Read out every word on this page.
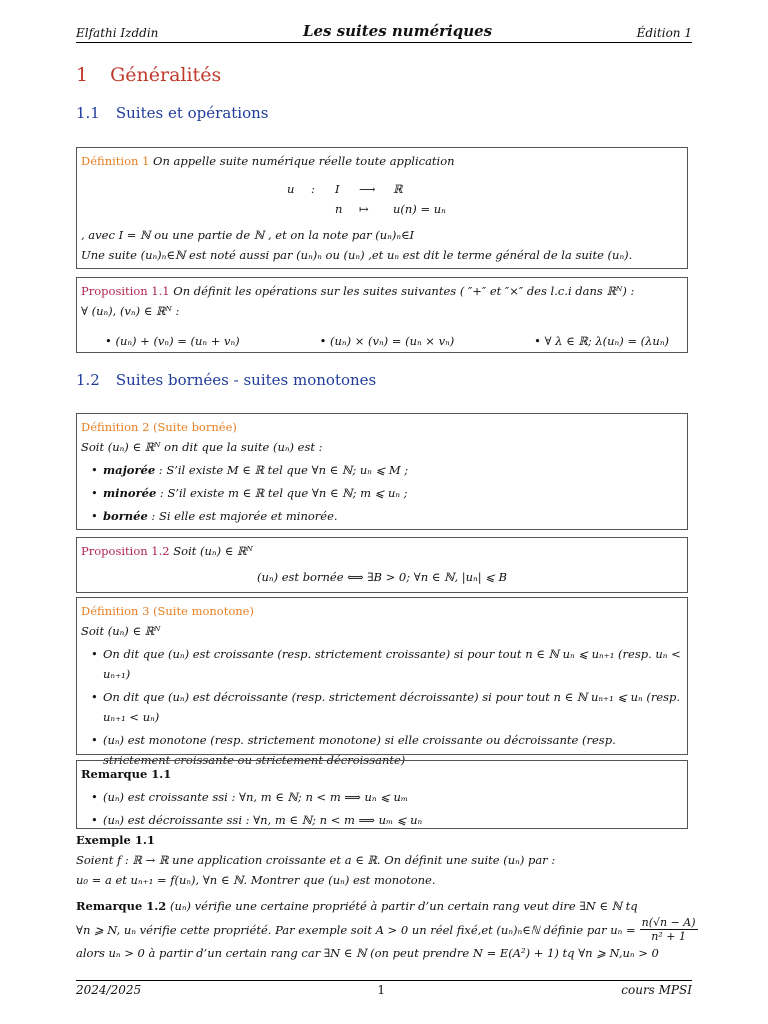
Elfathi Izddin	Les suites numériques	Édition 1
1 Généralités
1.1 Suites et opérations
Définition 1 On appelle suite numérique réelle toute application
u	:	I	⟶	ℝ
n	↦	u(n) = uₙ
, avec I = ℕ ou une partie de ℕ , et on la note par (uₙ)ₙ∈I
Une suite (uₙ)ₙ∈ℕ est noté aussi par (uₙ)ₙ ou (uₙ) ,et uₙ est dit le terme général de la suite (uₙ).
Proposition 1.1 On définit les opérations sur les suites suivantes ( ″+″ et ″×″ des l.c.i dans ℝᴺ) :
∀ (uₙ), (vₙ) ∈ ℝᴺ :
• (uₙ) + (vₙ) = (uₙ + vₙ)	• (uₙ) × (vₙ) = (uₙ × vₙ)	• ∀ λ ∈ ℝ; λ(uₙ) = (λuₙ)
1.2 Suites bornées - suites monotones
Définition 2 (Suite bornée)
Soit (uₙ) ∈ ℝᴺ on dit que la suite (uₙ) est :
• majorée : S’il existe M ∈ ℝ tel que ∀n ∈ ℕ; uₙ ⩽ M ;
• minorée : S’il existe m ∈ ℝ tel que ∀n ∈ ℕ; m ⩽ uₙ ;
• bornée : Si elle est majorée et minorée.
Proposition 1.2 Soit (uₙ) ∈ ℝᴺ
(uₙ) est bornée ⟺ ∃B > 0; ∀n ∈ ℕ, |uₙ| ⩽ B
Définition 3 (Suite monotone)
Soit (uₙ) ∈ ℝᴺ
• On dit que (uₙ) est croissante (resp. strictement croissante) si pour tout n ∈ ℕ uₙ ⩽ uₙ₊₁ (resp. uₙ < uₙ₊₁)
• On dit que (uₙ) est décroissante (resp. strictement décroissante) si pour tout n ∈ ℕ uₙ₊₁ ⩽ uₙ (resp. uₙ₊₁ < uₙ)
• (uₙ) est monotone (resp. strictement monotone) si elle croissante ou décroissante (resp. strictement croissante ou strictement décroissante)
Remarque 1.1
• (uₙ) est croissante ssi : ∀n, m ∈ ℕ; n < m ⟹ uₙ ⩽ uₘ
• (uₙ) est décroissante ssi : ∀n, m ∈ ℕ; n < m ⟹ uₘ ⩽ uₙ
Exemple 1.1
Soient f : ℝ → ℝ une application croissante et a ∈ ℝ. On définit une suite (uₙ) par :
u₀ = a et uₙ₊₁ = f(uₙ), ∀n ∈ ℕ. Montrer que (uₙ) est monotone.
Remarque 1.2 (uₙ) vérifie une certaine propriété à partir d’un certain rang veut dire ∃N ∈ ℕ tq
∀n ⩾ N, uₙ vérifie cette propriété. Par exemple soit A > 0 un réel fixé,et (uₙ)ₙ∈ℕ définie par $u_n = \frac{n(√n - A)}{\text{n² + 1}}$
alors uₙ > 0 à partir d’un certain rang car ∃N ∈ ℕ (on peut prendre N = E(A²) + 1) tq ∀n ⩾ N,uₙ > 0
2024/2025	1	cours MPSI
